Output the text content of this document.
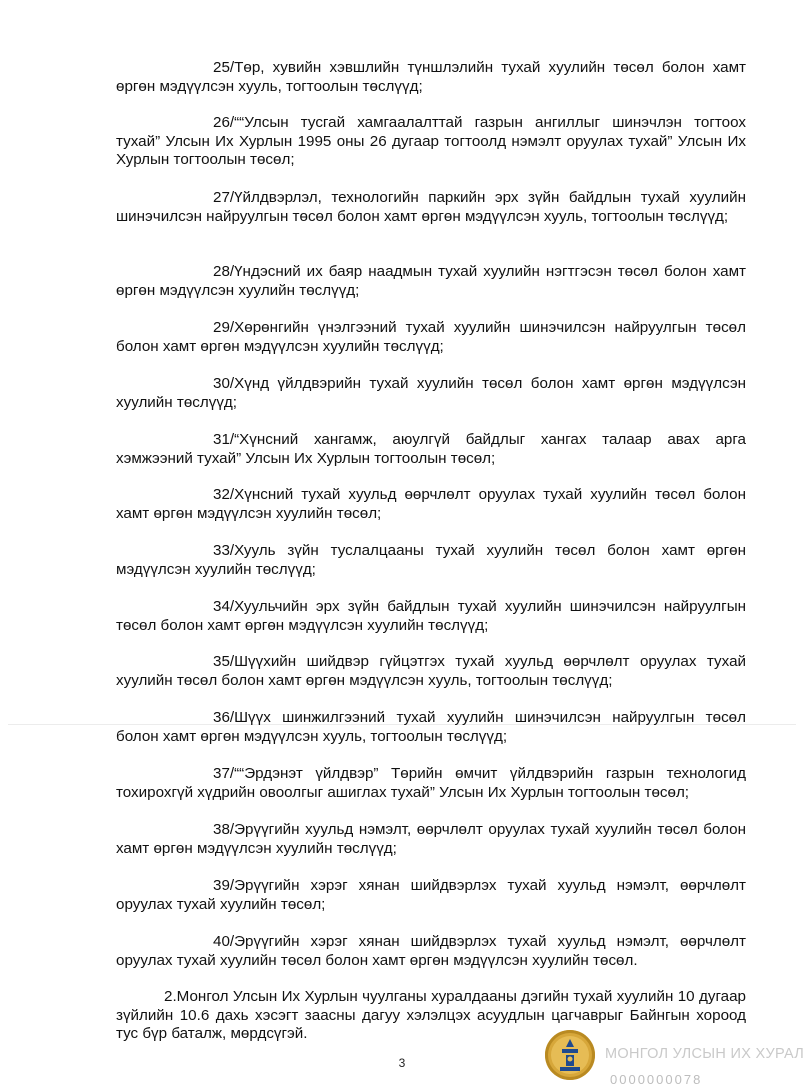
25/Төр, хувийн хэвшлийн түншлэлийн тухай хуулийн төсөл болон хамт өргөн мэдүүлсэн хууль, тогтоолын төслүүд;

26/““Улсын тусгай хамгаалалттай газрын ангиллыг шинэчлэн тогтоох тухай” Улсын Их Хурлын 1995 оны 26 дугаар тогтоолд нэмэлт оруулах тухай” Улсын Их Хурлын тогтоолын төсөл;

27/Үйлдвэрлэл, технологийн паркийн эрх зүйн байдлын тухай хуулийн шинэчилсэн найруулгын төсөл болон хамт өргөн мэдүүлсэн хууль, тогтоолын төслүүд;

28/Үндэсний их баяр наадмын тухай хуулийн нэгтгэсэн төсөл болон хамт өргөн мэдүүлсэн хуулийн төслүүд;

29/Хөрөнгийн үнэлгээний тухай хуулийн шинэчилсэн найруулгын төсөл болон хамт өргөн мэдүүлсэн хуулийн төслүүд;

30/Хүнд үйлдвэрийн тухай хуулийн төсөл болон хамт өргөн мэдүүлсэн хуулийн төслүүд;

31/“Хүнсний хангамж, аюулгүй байдлыг хангах талаар авах арга хэмжээний тухай” Улсын Их Хурлын тогтоолын төсөл;

32/Хүнсний тухай хуульд өөрчлөлт оруулах тухай хуулийн төсөл болон хамт өргөн мэдүүлсэн хуулийн төсөл;

33/Хууль зүйн туслалцааны тухай хуулийн төсөл болон хамт өргөн мэдүүлсэн хуулийн төслүүд;

34/Хуульчийн эрх зүйн байдлын тухай хуулийн шинэчилсэн найруулгын төсөл болон хамт өргөн мэдүүлсэн хуулийн төслүүд;

35/Шүүхийн шийдвэр гүйцэтгэх тухай хуульд өөрчлөлт оруулах тухай хуулийн төсөл болон хамт өргөн мэдүүлсэн хууль, тогтоолын төслүүд;

36/Шүүх шинжилгээний тухай хуулийн шинэчилсэн найруулгын төсөл болон хамт өргөн мэдүүлсэн хууль, тогтоолын төслүүд;

37/““Эрдэнэт үйлдвэр” Төрийн өмчит үйлдвэрийн газрын технологид тохирохгүй хүдрийн овоолгыг ашиглах тухай” Улсын Их Хурлын тогтоолын төсөл;

38/Эрүүгийн хуульд нэмэлт, өөрчлөлт оруулах тухай хуулийн төсөл болон хамт өргөн мэдүүлсэн хуулийн төслүүд;

39/Эрүүгийн хэрэг хянан шийдвэрлэх тухай хуульд нэмэлт, өөрчлөлт оруулах тухай хуулийн төсөл;

40/Эрүүгийн хэрэг хянан шийдвэрлэх тухай хуульд нэмэлт, өөрчлөлт оруулах тухай хуулийн төсөл болон хамт өргөн мэдүүлсэн хуулийн төсөл.

2.Монгол Улсын Их Хурлын чуулганы хуралдааны дэгийн тухай хуулийн 10 дугаар зүйлийн 10.6 дахь хэсэгт заасны дагуу хэлэлцэх асуудлын цагчаврыг Байнгын хороод тус бүр баталж, мөрдсүгэй.

3
МОНГОЛ УЛСЫН ИХ ХУРАЛ
0000000078
